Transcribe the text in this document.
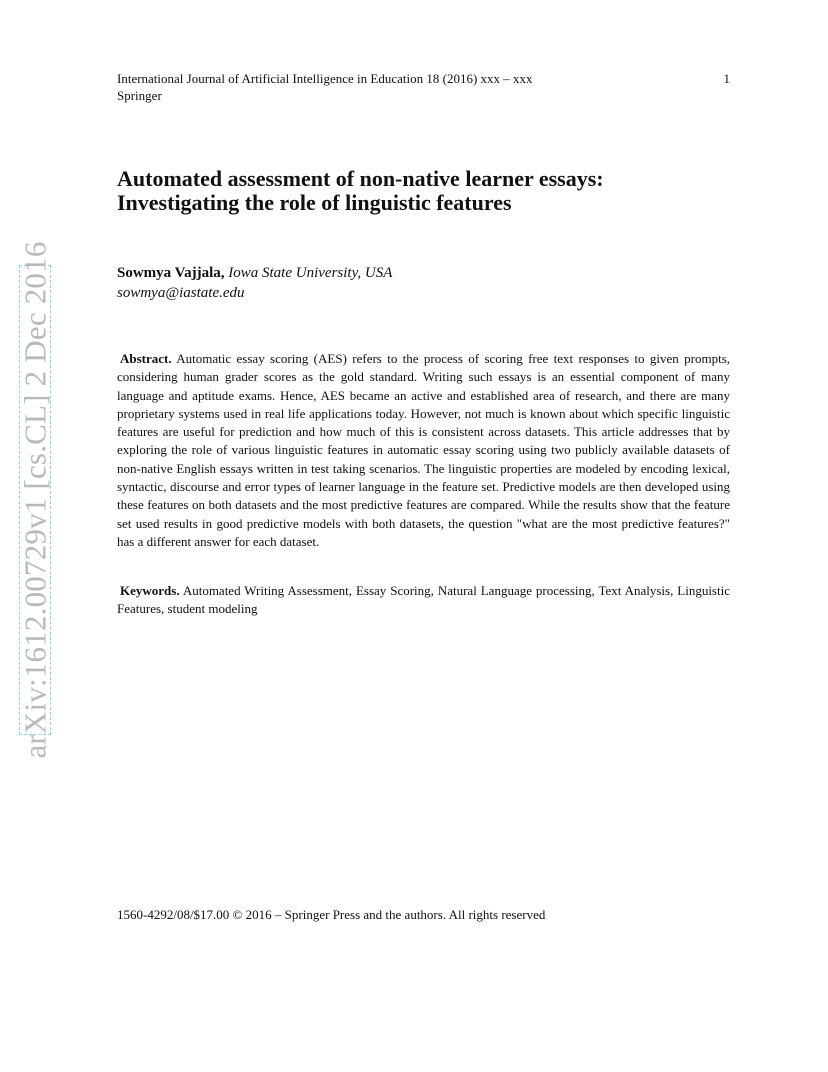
arXiv:1612.00729v1 [cs.CL] 2 Dec 2016
International Journal of Artificial Intelligence in Education 18 (2016) xxx – xxx
Springer
1
Automated assessment of non-native learner essays:
Investigating the role of linguistic features
Sowmya Vajjala, Iowa State University, USA
sowmya@iastate.edu

Abstract. Automatic essay scoring (AES) refers to the process of scoring free text responses to given prompts, considering human grader scores as the gold standard. Writing such essays is an essential component of many language and aptitude exams. Hence, AES became an active and established area of research, and there are many proprietary systems used in real life applications today. However, not much is known about which specific linguistic features are useful for prediction and how much of this is consistent across datasets. This article addresses that by exploring the role of various linguistic features in automatic essay scoring using two publicly available datasets of non-native English essays written in test taking scenarios. The linguistic properties are modeled by encoding lexical, syntactic, discourse and error types of learner language in the feature set. Predictive models are then developed using these features on both datasets and the most predictive features are compared. While the results show that the feature set used results in good predictive models with both datasets, the question "what are the most predictive features?" has a different answer for each dataset.

Keywords. Automated Writing Assessment, Essay Scoring, Natural Language processing, Text Analysis, Linguistic Features, student modeling

1560-4292/08/$17.00 © 2016 – Springer Press and the authors. All rights reserved
